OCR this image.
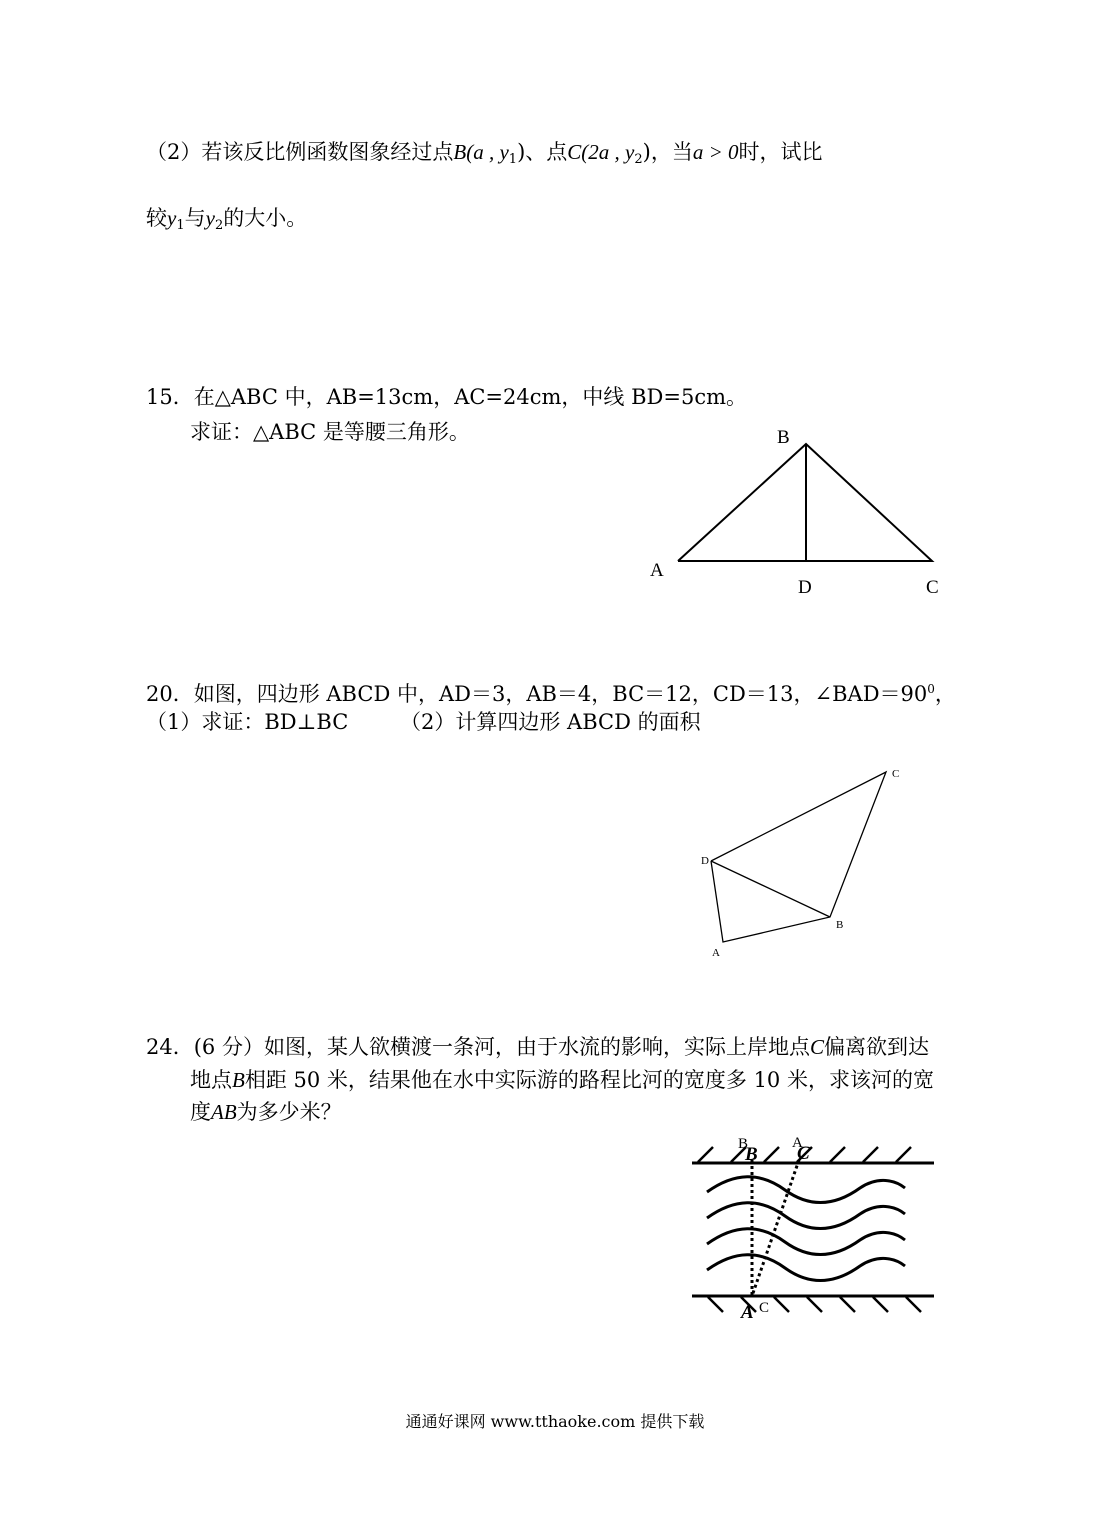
（2）若该反比例函数图象经过点B(a , $y_1$)、点C(2a , $y_2$)，当a > 0时，试比
较$y_1$与$y_2$的大小。
15．在△ABC 中，AB=13cm，AC=24cm，中线 BD=5cm。
求证：△ABC 是等腰三角形。
20．如图，四边形 ABCD 中，AD＝3，AB＝4，BC＝12，CD＝13，$\angle BAD=90^0$，
（1）求证：BD⊥BC （2）计算四边形 ABCD 的面积
24．(6 分）如图，某人欲横渡一条河，由于水流的影响，实际上岸地点C偏离欲到达
地点B相距 50 米，结果他在水中实际游的路程比河的宽度多 10 米，求该河的宽
度AB为多少米？
B
A
D	C
C
D
B
A
B	A
B C
A C
通通好课网 www.tthaoke.com 提供下载
